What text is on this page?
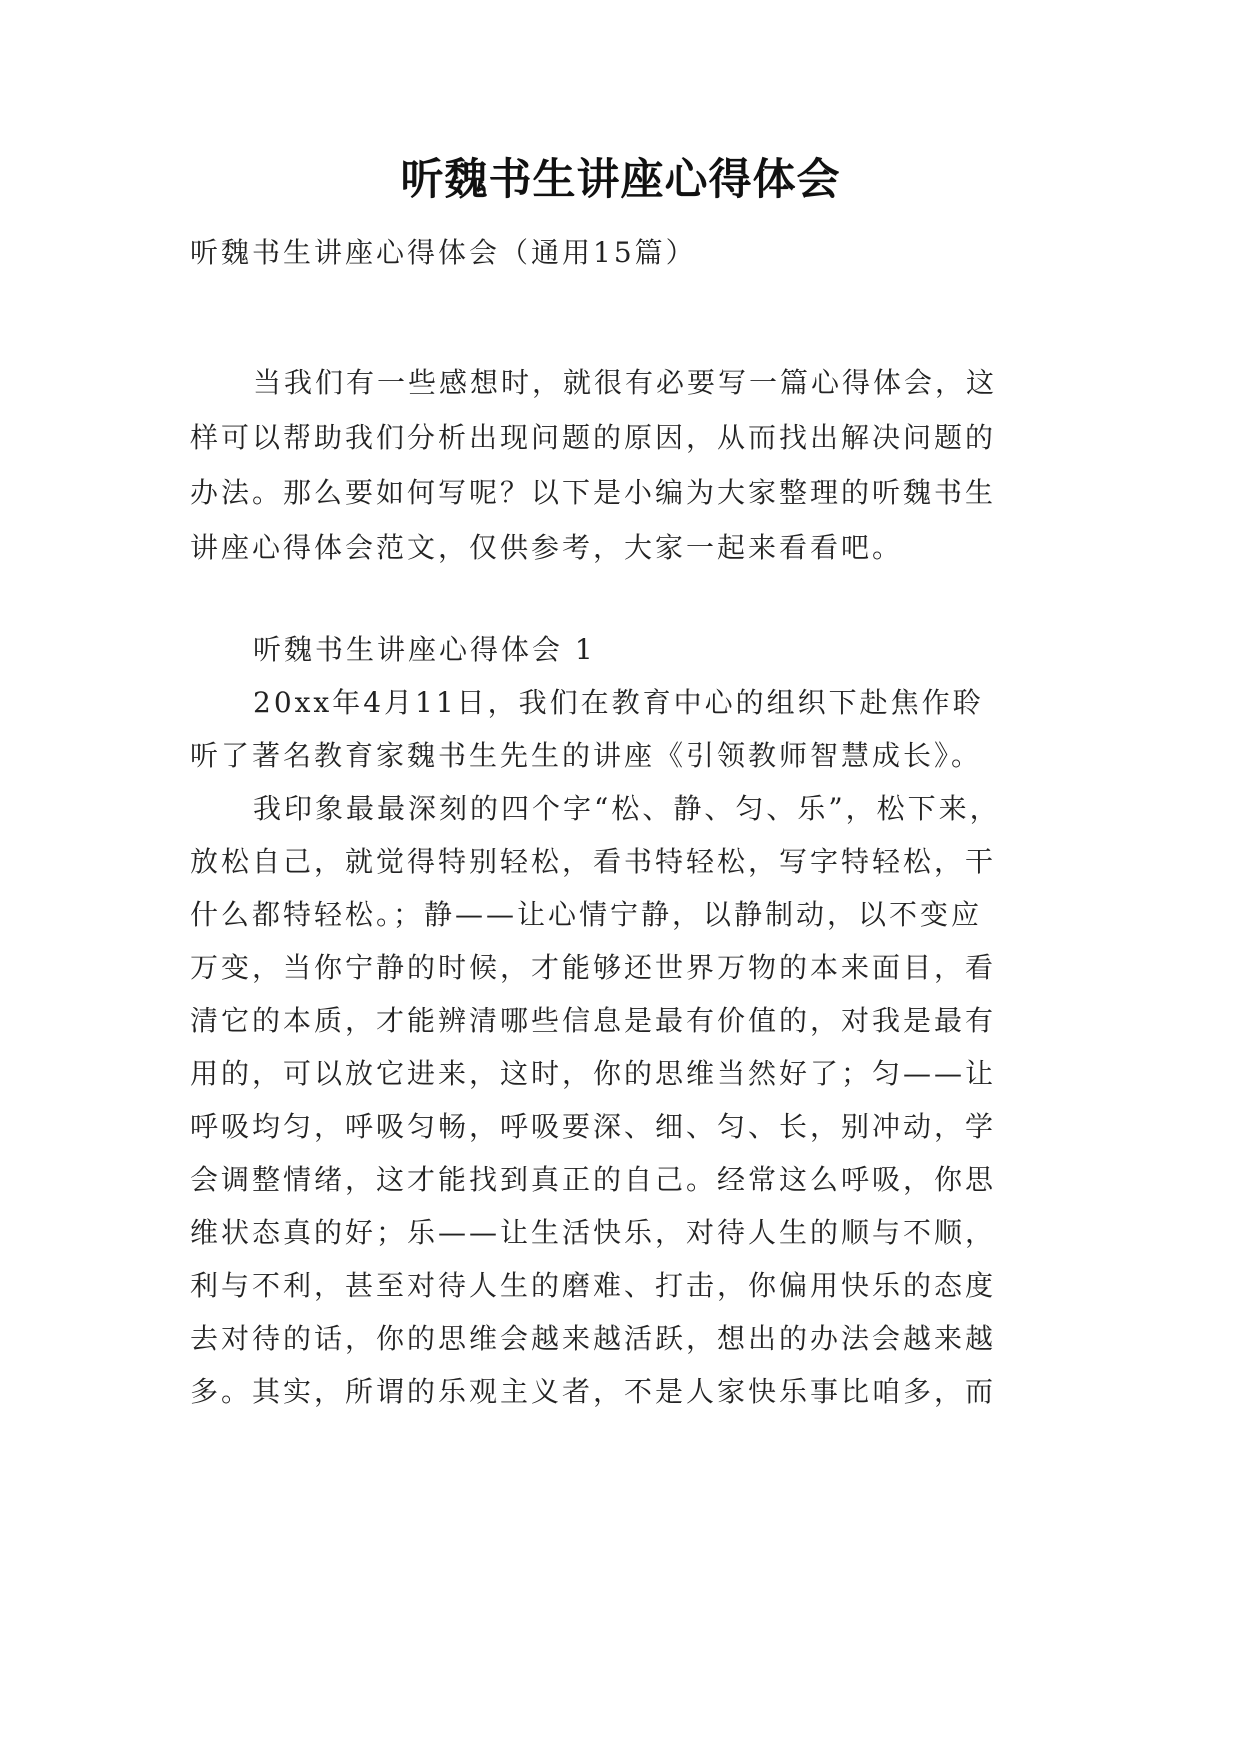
听魏书生讲座心得体会
听魏书生讲座心得体会（通用15篇）
当我们有一些感想时，就很有必要写一篇心得体会，这
样可以帮助我们分析出现问题的原因，从而找出解决问题的
办法。那么要如何写呢？以下是小编为大家整理的听魏书生
讲座心得体会范文，仅供参考，大家一起来看看吧。
听魏书生讲座心得体会 1
20xx年4月11日，我们在教育中心的组织下赴焦作聆
听了著名教育家魏书生先生的讲座《引领教师智慧成长》。
我印象最最深刻的四个字“松、静、匀、乐”，松下来，
放松自己，就觉得特别轻松，看书特轻松，写字特轻松，干
什么都特轻松。；静——让心情宁静，以静制动，以不变应
万变，当你宁静的时候，才能够还世界万物的本来面目，看
清它的本质，才能辨清哪些信息是最有价值的，对我是最有
用的，可以放它进来，这时，你的思维当然好了；匀——让
呼吸均匀，呼吸匀畅，呼吸要深、细、匀、长，别冲动，学
会调整情绪，这才能找到真正的自己。经常这么呼吸，你思
维状态真的好；乐——让生活快乐，对待人生的顺与不顺，
利与不利，甚至对待人生的磨难、打击，你偏用快乐的态度
去对待的话，你的思维会越来越活跃，想出的办法会越来越
多。其实，所谓的乐观主义者，不是人家快乐事比咱多，而
